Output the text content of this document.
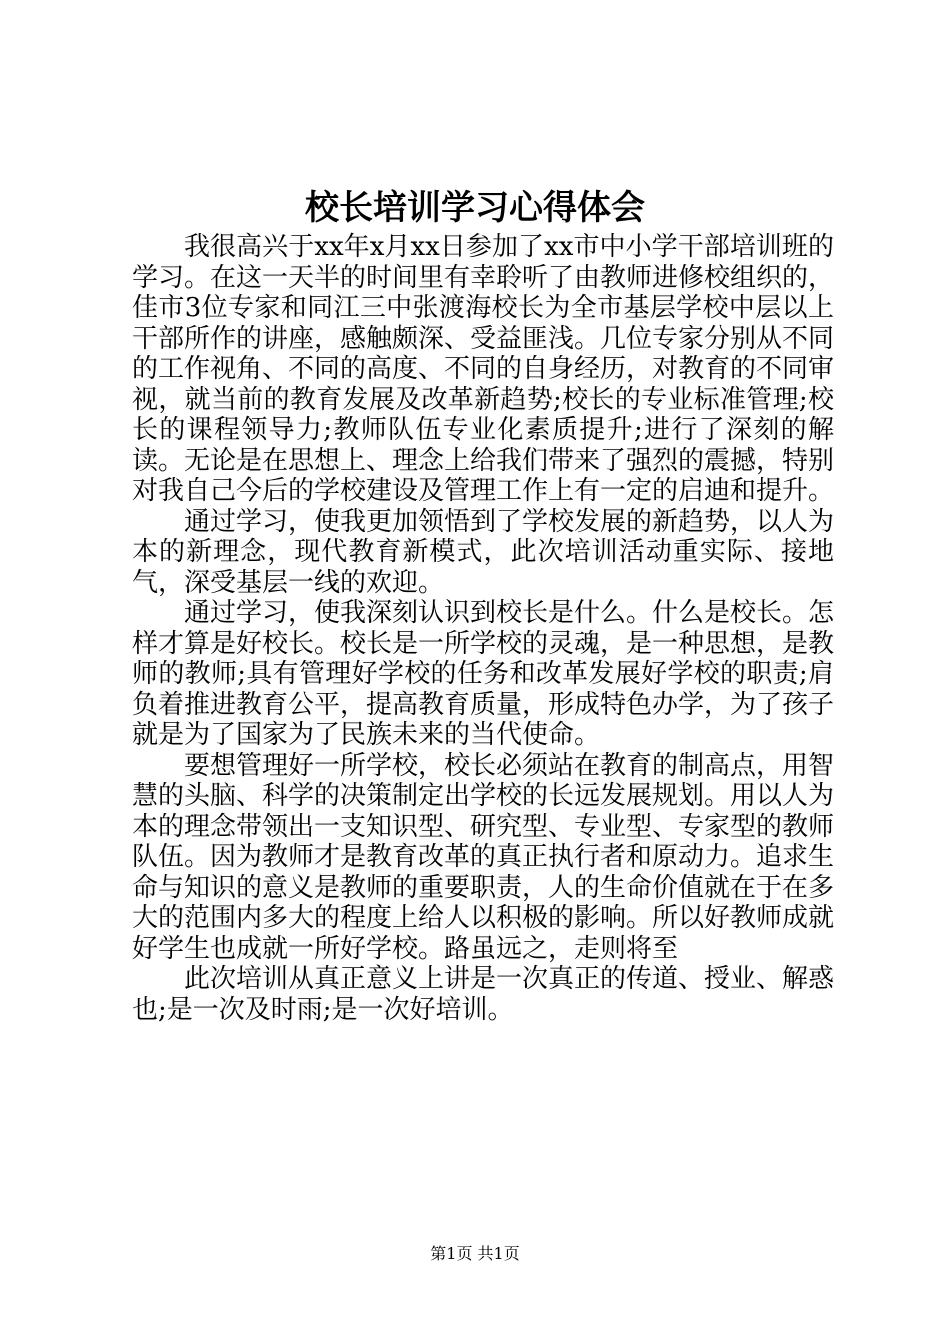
校长培训学习心得体会

我很高兴于xx年x月xx日参加了xx市中小学干部培训班的学习。在这一天半的时间里有幸聆听了由教师进修校组织的，佳市3位专家和同江三中张渡海校长为全市基层学校中层以上干部所作的讲座，感触颇深、受益匪浅。几位专家分别从不同的工作视角、不同的高度、不同的自身经历，对教育的不同审视，就当前的教育发展及改革新趋势;校长的专业标准管理;校长的课程领导力;教师队伍专业化素质提升;进行了深刻的解读。无论是在思想上、理念上给我们带来了强烈的震撼，特别对我自己今后的学校建设及管理工作上有一定的启迪和提升。

通过学习，使我更加领悟到了学校发展的新趋势，以人为本的新理念，现代教育新模式，此次培训活动重实际、接地气，深受基层一线的欢迎。

通过学习，使我深刻认识到校长是什么。什么是校长。怎样才算是好校长。校长是一所学校的灵魂，是一种思想，是教师的教师;具有管理好学校的任务和改革发展好学校的职责;肩负着推进教育公平，提高教育质量，形成特色办学，为了孩子就是为了国家为了民族未来的当代使命。

要想管理好一所学校，校长必须站在教育的制高点，用智慧的头脑、科学的决策制定出学校的长远发展规划。用以人为本的理念带领出一支知识型、研究型、专业型、专家型的教师队伍。因为教师才是教育改革的真正执行者和原动力。追求生命与知识的意义是教师的重要职责，人的生命价值就在于在多大的范围内多大的程度上给人以积极的影响。所以好教师成就好学生也成就一所好学校。路虽远之，走则将至

此次培训从真正意义上讲是一次真正的传道、授业、解惑也;是一次及时雨;是一次好培训。

第1页 共1页
